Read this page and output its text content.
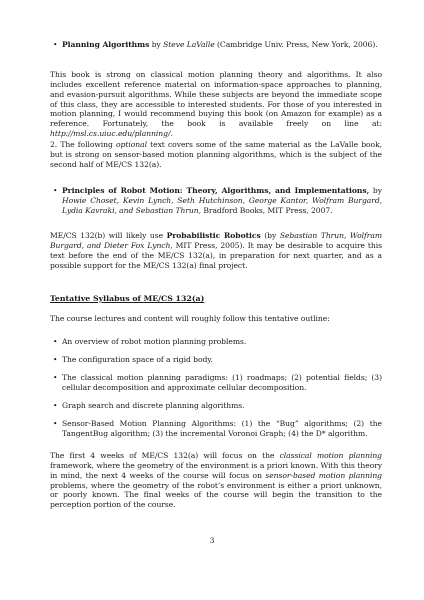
• Planning Algorithms by Steve LaValle (Cambridge Univ. Press, New York, 2006).
This book is strong on classical motion planning theory and algorithms. It also includes excellent reference material on information-space approaches to planning, and evasion-pursuit algorithms. While these subjects are beyond the immediate scope of this class, they are accessible to interested students. For those of you interested in motion planning, I would recommend buying this book (on Amazon for example) as a reference. Fortunately, the book is available freely on line at: http://msl.cs.uiuc.edu/planning/.
2. The following optional text covers some of the same material as the LaValle book, but is strong on sensor-based motion planning algorithms, which is the subject of the second half of ME/CS 132(a).
• Principles of Robot Motion: Theory, Algorithms, and Implementations, by Howie Choset, Kevin Lynch, Seth Hutchinson, George Kantor, Wolfram Burgard, Lydia Kavraki, and Sebastian Thrun, Bradford Books, MIT Press, 2007.
ME/CS 132(b) will likely use Probabilistic Robotics (by Sebastian Thrun, Wolfram Burgard, and Dieter Fox Lynch, MIT Press, 2005). It may be desirable to acquire this text before the end of the ME/CS 132(a), in preparation for next quarter, and as a possible support for the ME/CS 132(a) final project.
Tentative Syllabus of ME/CS 132(a)
The course lectures and content will roughly follow this tentative outline:
• An overview of robot motion planning problems.
• The configuration space of a rigid body.
• The classical motion planning paradigms: (1) roadmaps; (2) potential fields; (3) cellular decomposition and approximate cellular decomposition.
• Graph search and discrete planning algorithms.
• Sensor-Based Motion Planning Algorithms: (1) the “Bug” algorithms; (2) the TangentBug algorithm; (3) the incremental Voronoi Graph; (4) the D* algorithm.
The first 4 weeks of ME/CS 132(a) will focus on the classical motion planning framework, where the geometry of the environment is a priori known. With this theory in mind, the next 4 weeks of the course will focus on sensor-based motion planning problems, where the geometry of the robot’s environment is either a priori unknown, or poorly known. The final weeks of the course will begin the transition to the perception portion of the course.
3
